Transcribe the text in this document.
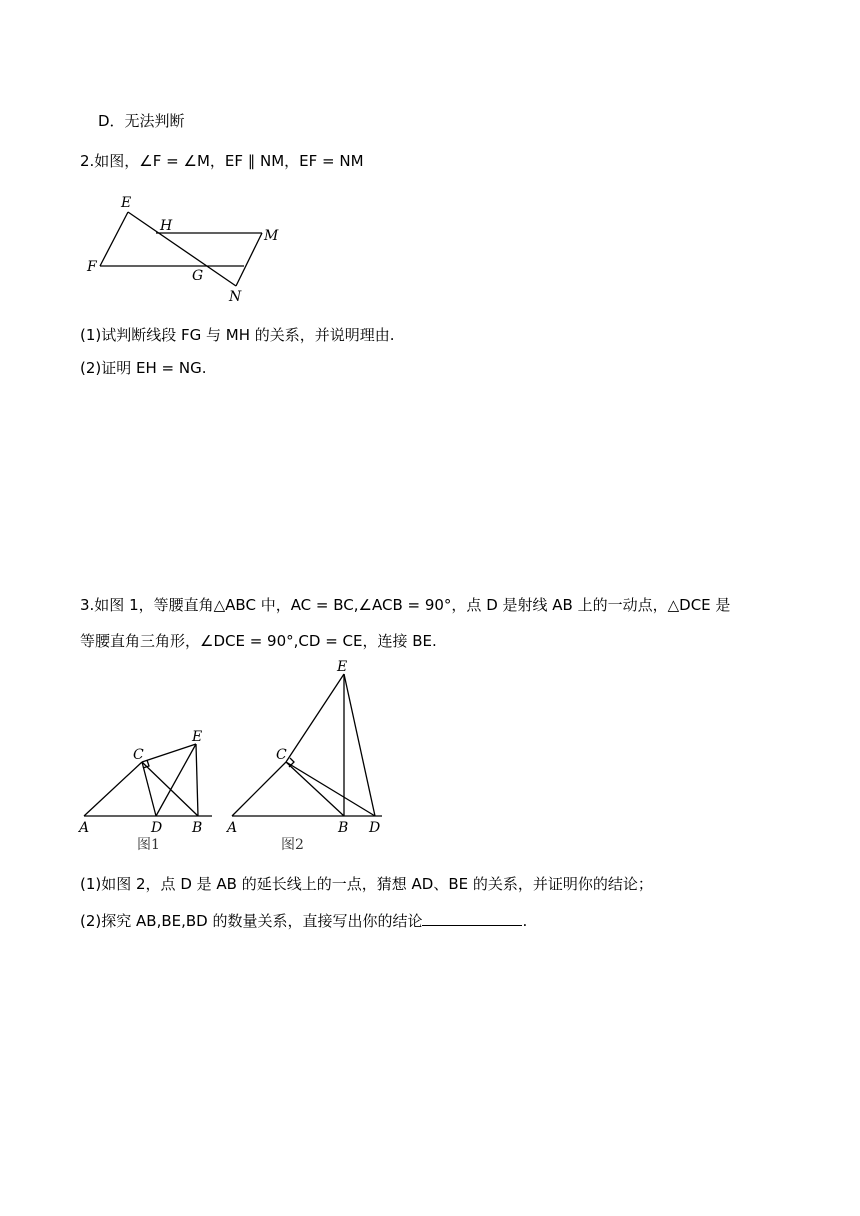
D．无法判断
2.如图，∠F = ∠M，EF ∥ NM，EF = NM
E
H
M
F
G
N
(1)试判断线段 FG 与 MH 的关系，并说明理由.
(2)证明 EH = NG.
3.如图 1，等腰直角△ABC 中，AC = BC,∠ACB = 90°，点 D 是射线 AB 上的一动点，△DCE 是
等腰直角三角形，∠DCE = 90°,CD = CE，连接 BE.
A
C
E
D B
图1
A
C
E
B D
图2
(1)如图 2，点 D 是 AB 的延长线上的一点，猜想 AD、BE 的关系，并证明你的结论；
(2)探究 AB,BE,BD 的数量关系，直接写出你的结论	.
